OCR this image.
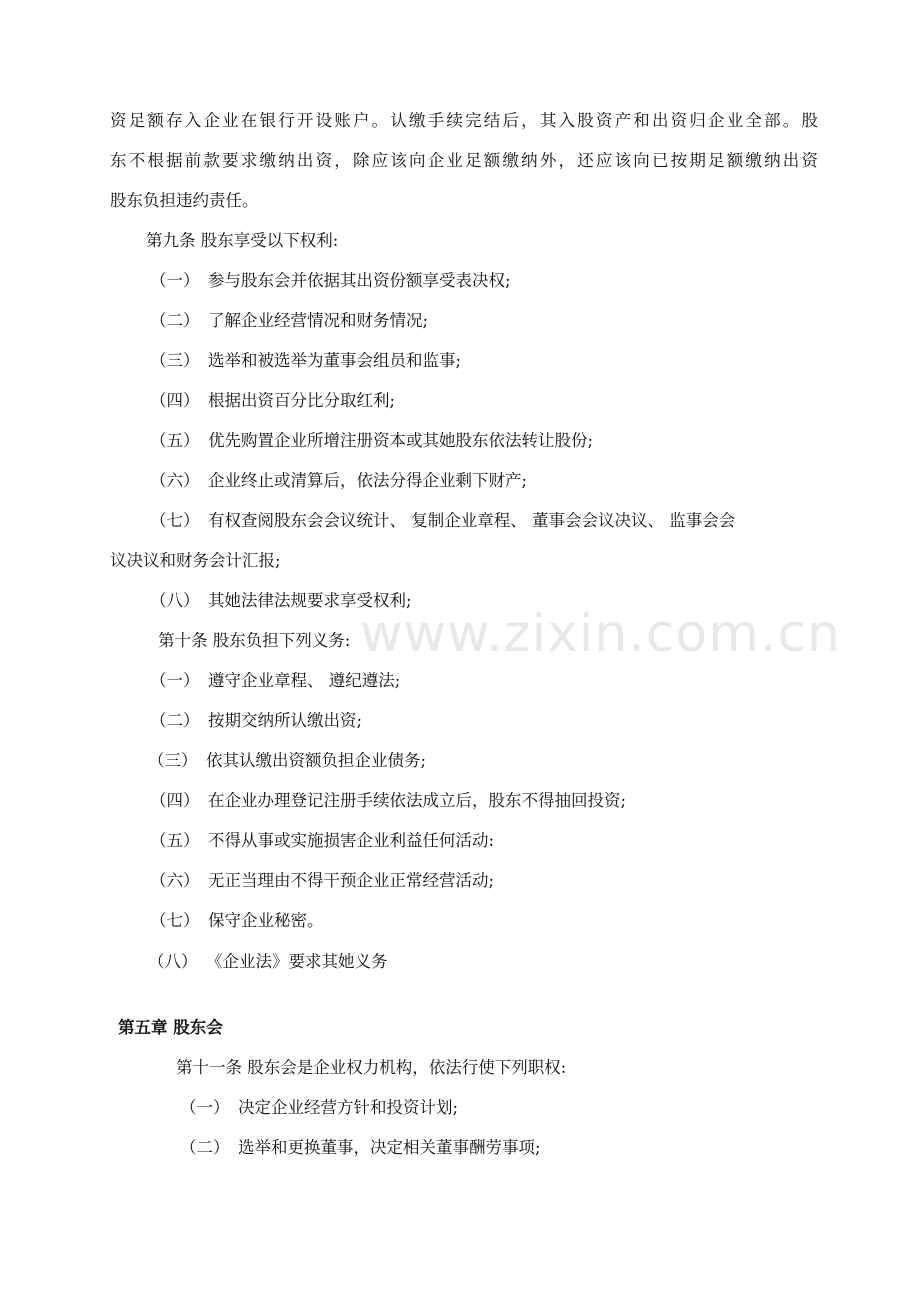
资足额存入企业在银行开设账户。认缴手续完结后，其入股资产和出资归企业全部。股
东不根据前款要求缴纳出资，除应该向企业足额缴纳外，还应该向已按期足额缴纳出资
股东负担违约责任。
第九条 股东享受以下权利:
（一） 参与股东会并依据其出资份额享受表决权;
（二） 了解企业经营情况和财务情况;
（三） 选举和被选举为董事会组员和监事;
（四） 根据出资百分比分取红利;
（五） 优先购置企业所增注册资本或其她股东依法转让股份;
（六） 企业终止或清算后，依法分得企业剩下财产;
（七） 有权查阅股东会会议统计、 复制企业章程、 董事会会议决议、 监事会会
议决议和财务会计汇报;
（八） 其她法律法规要求享受权利;
第十条 股东负担下列义务:
（一） 遵守企业章程、 遵纪遵法;
（二） 按期交纳所认缴出资;
（三） 依其认缴出资额负担企业债务;
（四） 在企业办理登记注册手续依法成立后，股东不得抽回投资;
（五） 不得从事或实施损害企业利益任何活动:
（六） 无正当理由不得干预企业正常经营活动;
（七） 保守企业秘密。
（八） 《企业法》要求其她义务
第五章 股东会
第十一条 股东会是企业权力机构，依法行使下列职权:
（一） 决定企业经营方针和投资计划;
（二） 选举和更换董事，决定相关董事酬劳事项;
www.zixin.com.cn
